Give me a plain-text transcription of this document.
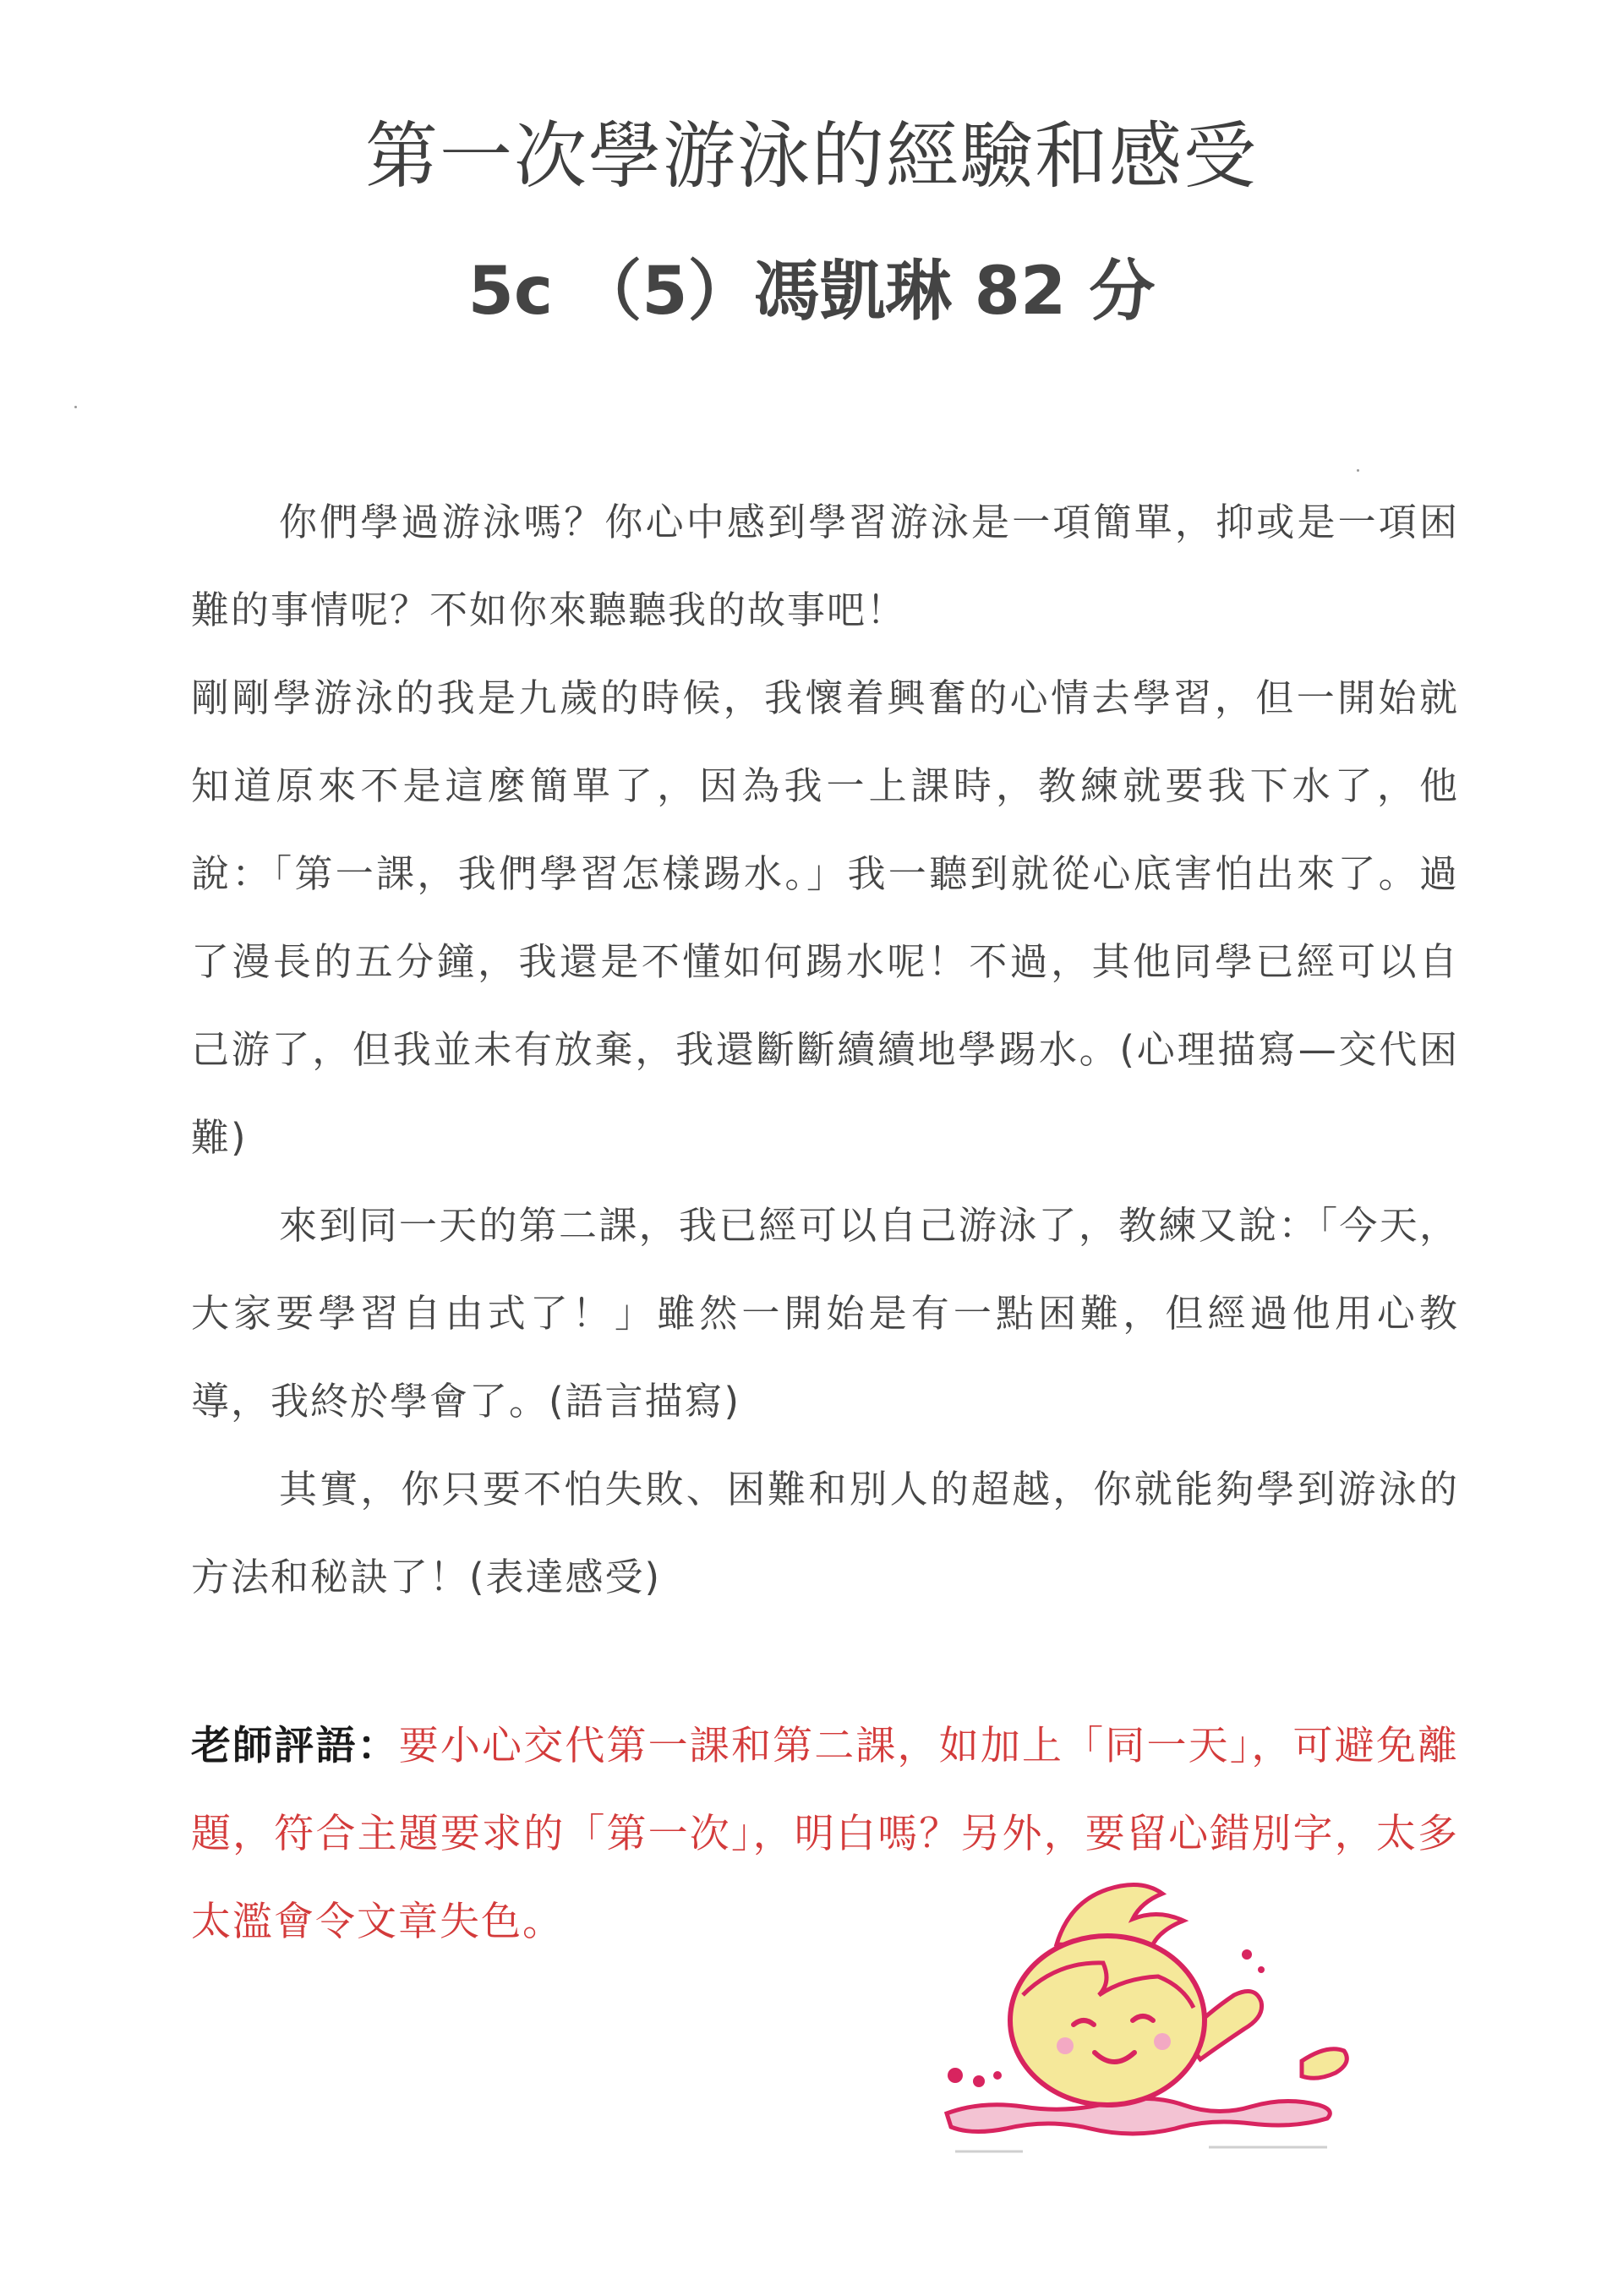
第一次學游泳的經驗和感受
5c （5）馮凱琳 82 分

你們學過游泳嗎？你心中感到學習游泳是一項簡單，抑或是一項困難的事情呢？不如你來聽聽我的故事吧！

剛剛學游泳的我是九歲的時候，我懷着興奮的心情去學習，但一開始就知道原來不是這麼簡單了，因為我一上課時，教練就要我下水了，他說：「第一課，我們學習怎樣踢水。」我一聽到就從心底害怕出來了。過了漫長的五分鐘，我還是不懂如何踢水呢！不過，其他同學已經可以自己游了，但我並未有放棄，我還斷斷續續地學踢水。(心理描寫—交代困難)

來到同一天的第二課，我已經可以自己游泳了，教練又說：「今天，大家要學習自由式了！」雖然一開始是有一點困難，但經過他用心教導，我終於學會了。(語言描寫)

其實，你只要不怕失敗、困難和別人的超越，你就能夠學到游泳的方法和秘訣了！(表達感受)

老師評語：要小心交代第一課和第二課，如加上「同一天」，可避免離題，符合主題要求的「第一次」，明白嗎？另外，要留心錯別字，太多太濫會令文章失色。
